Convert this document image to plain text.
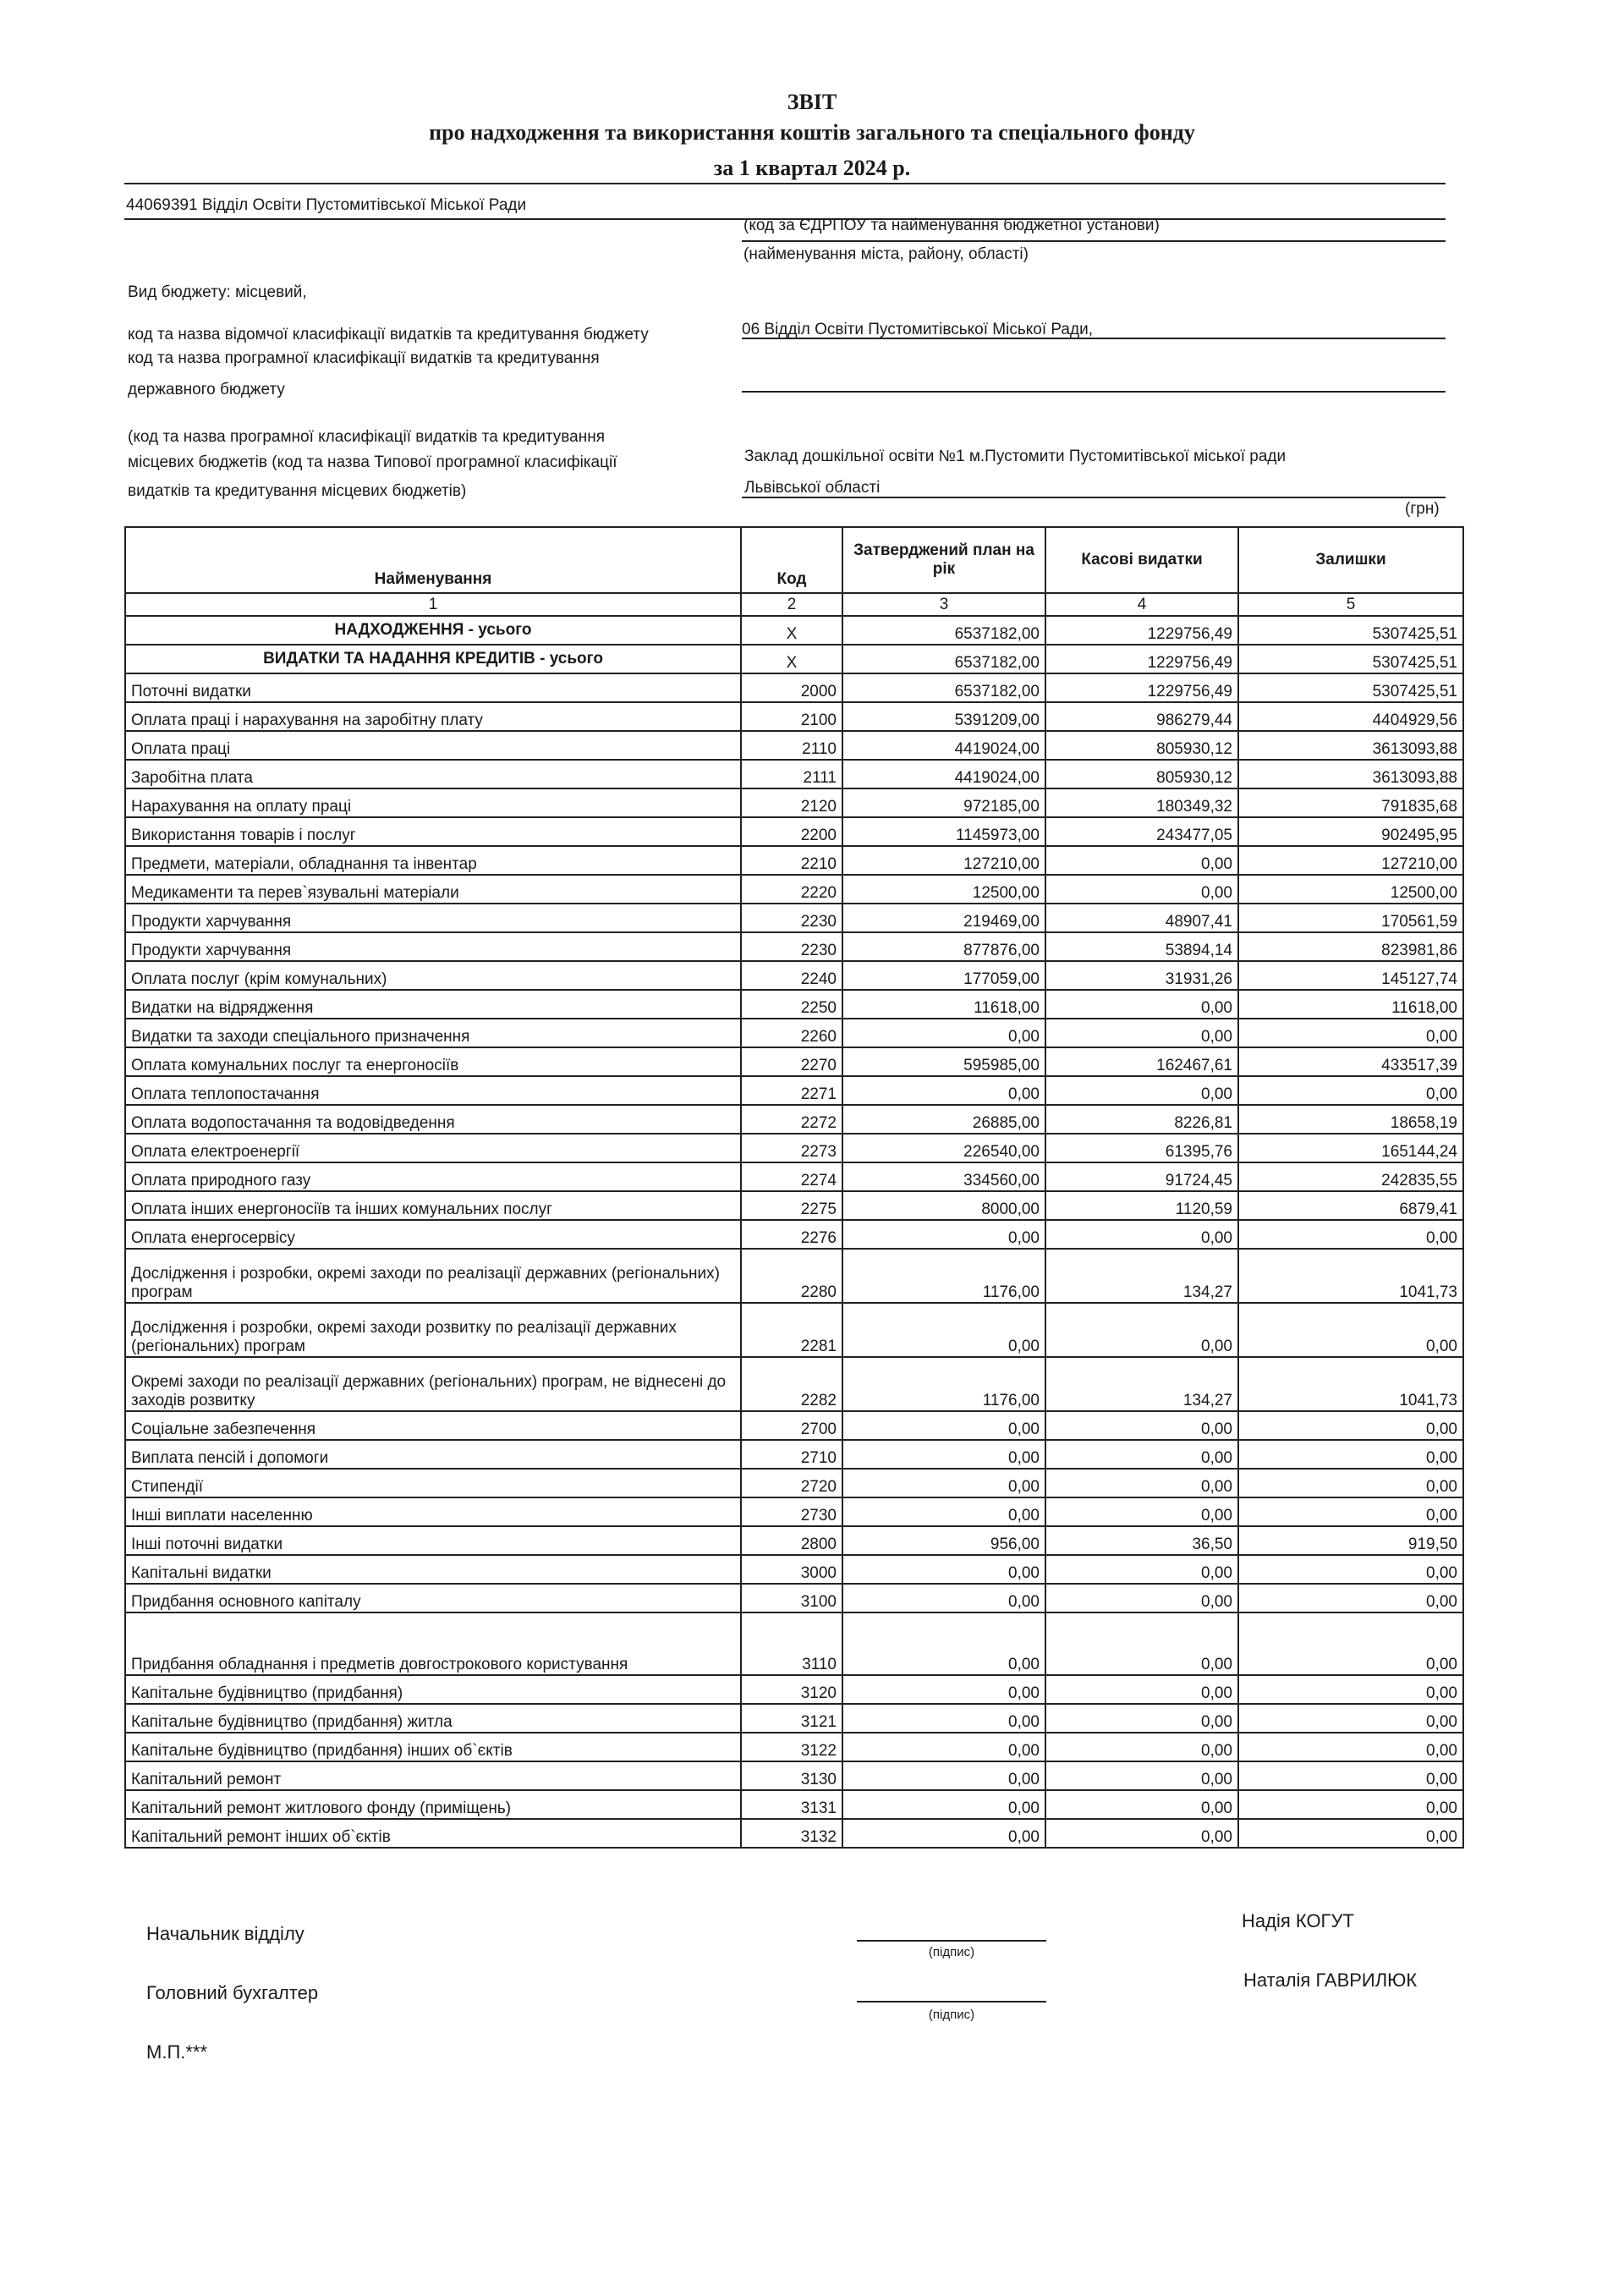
ЗВІТ
про надходження та використання коштів загального та спеціального фонду
за 1 квартал 2024 р.
44069391 Відділ Освіти Пустомитівської Міської Ради
(код за ЄДРПОУ та найменування бюджетної установи)
(найменування міста, району, області)
Вид бюджету: місцевий,
код та назва відомчої класифікації видатків та кредитування бюджету	06 Відділ Освіти Пустомитівської Міської Ради,
код та назва програмної класифікації видатків та кредитування
державного бюджету
(код та назва програмної класифікації видатків та кредитування
місцевих бюджетів (код та назва Типової програмної класифікації
видатків та кредитування місцевих бюджетів)
Заклад дошкільної освіти №1 м.Пустомити Пустомитівської міської ради
Львівської області
(грн)
Найменування	Код	Затверджений план на рік	Касові видатки	Залишки
1	2	3	4	5
НАДХОДЖЕННЯ - усього	Х	6537182,00	1229756,49	5307425,51
ВИДАТКИ ТА НАДАННЯ КРЕДИТІВ - усього	Х	6537182,00	1229756,49	5307425,51
Поточні видатки	2000	6537182,00	1229756,49	5307425,51
Оплата праці і нарахування на заробітну плату	2100	5391209,00	986279,44	4404929,56
Оплата праці	2110	4419024,00	805930,12	3613093,88
Заробітна плата	2111	4419024,00	805930,12	3613093,88
Нарахування на оплату праці	2120	972185,00	180349,32	791835,68
Використання товарів і послуг	2200	1145973,00	243477,05	902495,95
Предмети, матеріали, обладнання та інвентар	2210	127210,00	0,00	127210,00
Медикаменти та перев`язувальні матеріали	2220	12500,00	0,00	12500,00
Продукти харчування	2230	219469,00	48907,41	170561,59
Продукти харчування	2230	877876,00	53894,14	823981,86
Оплата послуг (крім комунальних)	2240	177059,00	31931,26	145127,74
Видатки на відрядження	2250	11618,00	0,00	11618,00
Видатки та заходи спеціального призначення	2260	0,00	0,00	0,00
Оплата комунальних послуг та енергоносіїв	2270	595985,00	162467,61	433517,39
Оплата теплопостачання	2271	0,00	0,00	0,00
Оплата водопостачання та водовідведення	2272	26885,00	8226,81	18658,19
Оплата електроенергії	2273	226540,00	61395,76	165144,24
Оплата природного газу	2274	334560,00	91724,45	242835,55
Оплата інших енергоносіїв та інших комунальних послуг	2275	8000,00	1120,59	6879,41
Оплата енергосервісу	2276	0,00	0,00	0,00
Дослідження і розробки, окремі заходи по реалізації державних (регіональних) програм	2280	1176,00	134,27	1041,73
Дослідження і розробки, окремі заходи розвитку по реалізації державних (регіональних) програм	2281	0,00	0,00	0,00
Окремі заходи по реалізації державних (регіональних) програм, не віднесені до заходів розвитку	2282	1176,00	134,27	1041,73
Соціальне забезпечення	2700	0,00	0,00	0,00
Виплата пенсій і допомоги	2710	0,00	0,00	0,00
Стипендії	2720	0,00	0,00	0,00
Інші виплати населенню	2730	0,00	0,00	0,00
Інші поточні видатки	2800	956,00	36,50	919,50
Капітальні видатки	3000	0,00	0,00	0,00
Придбання основного капіталу	3100	0,00	0,00	0,00
Придбання обладнання і предметів довгострокового користування	3110	0,00	0,00	0,00
Капітальне будівництво (придбання)	3120	0,00	0,00	0,00
Капітальне будівництво (придбання) житла	3121	0,00	0,00	0,00
Капітальне будівництво (придбання) інших об`єктів	3122	0,00	0,00	0,00
Капітальний ремонт	3130	0,00	0,00	0,00
Капітальний ремонт житлового фонду (приміщень)	3131	0,00	0,00	0,00
Капітальний ремонт інших об`єктів	3132	0,00	0,00	0,00
Начальник відділу
(підпис)
Надія КОГУТ
Головний бухгалтер
(підпис)
Наталія ГАВРИЛЮК
М.П.***
